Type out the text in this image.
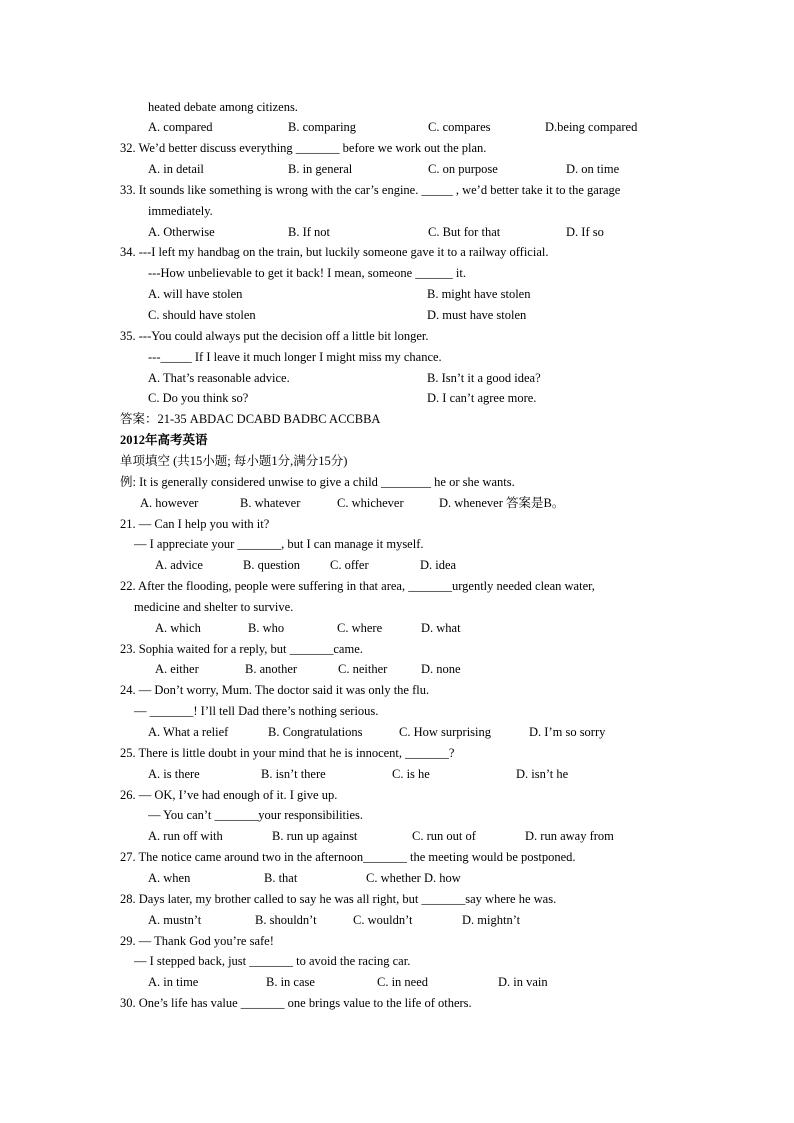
heated debate among citizens.
A. compared	B. comparing	C. compares	D.being compared
32. We’d better discuss everything _______ before we work out the plan.
A. in detail	B. in general	C. on purpose	D. on time
33. It sounds like something is wrong with the car’s engine. _____ , we’d better take it to the garage
immediately.
A. Otherwise	B. If not	C. But for that	D. If so
34. ---I left my handbag on the train, but luckily someone gave it to a railway official.
---How unbelievable to get it back! I mean, someone ______ it.
A. will have stolen	B. might have stolen
C. should have stolen	D. must have stolen
35. ---You could always put the decision off a little bit longer.
---_____ If I leave it much longer I might miss my chance.
A. That’s reasonable advice.	B. Isn’t it a good idea?
C. Do you think so?	D. I can’t agree more.
答案：21-35 ABDAC DCABD BADBC ACCBBA
2012年高考英语
单项填空 (共15小题; 每小题1分,满分15分)
例: It is generally considered unwise to give a child ________ he or she wants.
A. however	B. whatever	C. whichever	D. whenever 答案是B。
21. — Can I help you with it?
— I appreciate your _______, but I can manage it myself.
A. advice	B. question C. offer	D. idea
22. After the flooding, people were suffering in that area, _______urgently needed clean water,
medicine and shelter to survive.
A. which	B. who	C. where	D. what
23. Sophia waited for a reply, but _______came.
A. either	B. another	C. neither	D. none
24. — Don’t worry, Mum. The doctor said it was only the flu.
— _______! I’ll tell Dad there’s nothing serious.
A. What a relief	B. Congratulations	C. How surprising	D. I’m so sorry
25. There is little doubt in your mind that he is innocent, _______?
A. is there	B. isn’t there	C. is he	D. isn’t he
26. — OK, I’ve had enough of it. I give up.
— You can’t _______your responsibilities.
A. run off with	B. run up against	C. run out of	D. run away from
27. The notice came around two in the afternoon_______ the meeting would be postponed.
A. when	B. that	C. whether D. how
28. Days later, my brother called to say he was all right, but _______say where he was.
A. mustn’t	B. shouldn’t	C. wouldn’t	D. mightn’t
29. — Thank God you’re safe!
— I stepped back, just _______ to avoid the racing car.
A. in time	B. in case	C. in need	D. in vain
30. One’s life has value _______ one brings value to the life of others.
